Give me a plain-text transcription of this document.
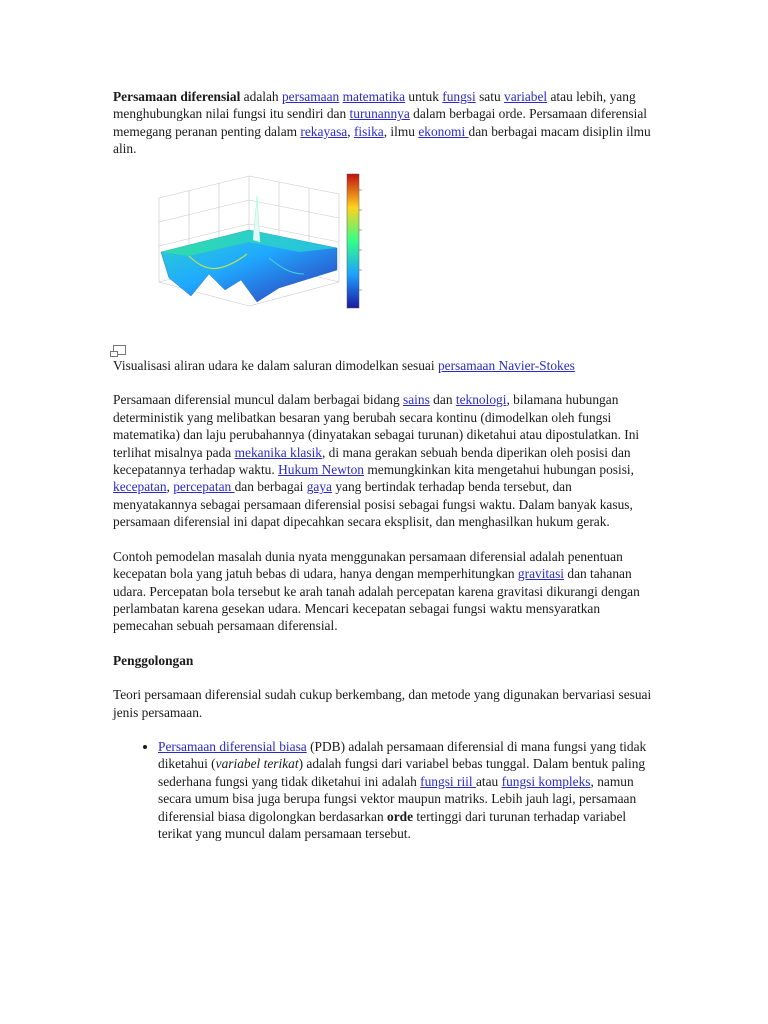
Persamaan diferensial adalah persamaan matematika untuk fungsi satu variabel atau lebih, yang menghubungkan nilai fungsi itu sendiri dan turunannya dalam berbagai orde. Persamaan diferensial memegang peranan penting dalam rekayasa, fisika, ilmu ekonomi dan berbagai macam disiplin ilmu alin.

Visualisasi aliran udara ke dalam saluran dimodelkan sesuai persamaan Navier-Stokes

Persamaan diferensial muncul dalam berbagai bidang sains dan teknologi, bilamana hubungan deterministik yang melibatkan besaran yang berubah secara kontinu (dimodelkan oleh fungsi matematika) dan laju perubahannya (dinyatakan sebagai turunan) diketahui atau dipostulatkan. Ini terlihat misalnya pada mekanika klasik, di mana gerakan sebuah benda diperikan oleh posisi dan kecepatannya terhadap waktu. Hukum Newton memungkinkan kita mengetahui hubungan posisi, kecepatan, percepatan dan berbagai gaya yang bertindak terhadap benda tersebut, dan menyatakannya sebagai persamaan diferensial posisi sebagai fungsi waktu. Dalam banyak kasus, persamaan diferensial ini dapat dipecahkan secara eksplisit, dan menghasilkan hukum gerak.

Contoh pemodelan masalah dunia nyata menggunakan persamaan diferensial adalah penentuan kecepatan bola yang jatuh bebas di udara, hanya dengan memperhitungkan gravitasi dan tahanan udara. Percepatan bola tersebut ke arah tanah adalah percepatan karena gravitasi dikurangi dengan perlambatan karena gesekan udara. Mencari kecepatan sebagai fungsi waktu mensyaratkan pemecahan sebuah persamaan diferensial.

Penggolongan

Teori persamaan diferensial sudah cukup berkembang, dan metode yang digunakan bervariasi sesuai jenis persamaan.

• Persamaan diferensial biasa (PDB) adalah persamaan diferensial di mana fungsi yang tidak diketahui (variabel terikat) adalah fungsi dari variabel bebas tunggal. Dalam bentuk paling sederhana fungsi yang tidak diketahui ini adalah fungsi riil atau fungsi kompleks, namun secara umum bisa juga berupa fungsi vektor maupun matriks. Lebih jauh lagi, persamaan diferensial biasa digolongkan berdasarkan orde tertinggi dari turunan terhadap variabel terikat yang muncul dalam persamaan tersebut.
